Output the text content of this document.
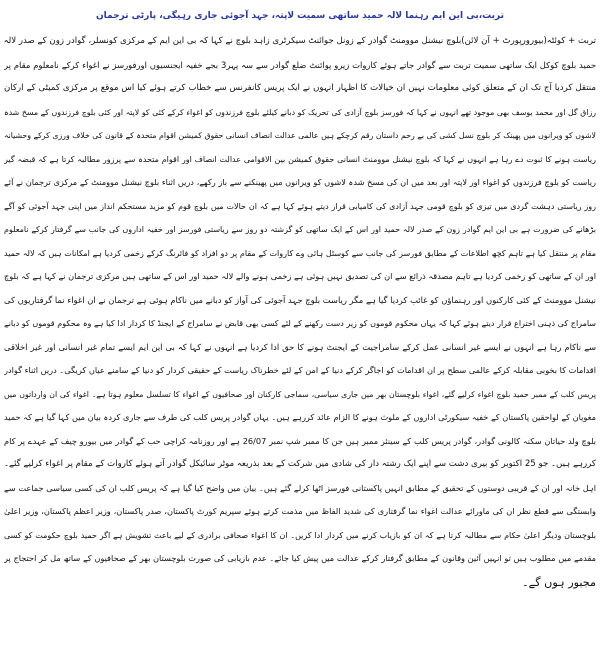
تربت،بی این ایم رہنما لالہ حمید ساتھی سمیت لاپتہ، جہد آجوئی جاری رہیگی، پارٹی ترجمان
تربت + کوئٹہ(بیورورپورٹ + آن لائن)بلوچ نیشنل موومنٹ گوادر کے زونل جوائنٹ سیکرٹری زاہد بلوچ نے کہا کہ بی این ایم کے مرکزی کونسلر، گوادر زون کے صدر لالہ
حمید بلوچ کوکل ایک ساتھی سمیت تربت سے گوادر جاتے ہوئے کاروات زیرو پوائنٹ ضلع گوادر سے سہ پہر3 بجے خفیہ ایجنسیوں اورفورسز نے اغواء کرکے نامعلوم مقام پر
منتقل کردیا آج تک ان کے متعلق کوئی معلومات نہیں ان خیالات کا اظہار انہوں نے ایک پریس کانفرنس سے خطاب کرتے ہوئے کیا اس موقع پر مرکزی کمیٹی کے ارکان
رزاق گل اور محمد یوسف بھی موجود تھے انہوں نے کہا کہ فورسز بلوچ آزادی کی تحریک کو دبانے کیلئے بلوچ فرزندوں کو اغواء کرکے کئی کو لاپتہ اور کئی بلوچ فرزندوں کے مسخ شدہ
لاشوں کو ویرانوں میں پھینک کر بلوچ نسل کشی کی بے رحم داستان رقم کرچکے ہیں عالمی عدالت انصاف انسانی حقوق کمیشن اقوام متحدہ کے قانون کی خلاف ورزی کرکے وحشیانہ
ریاست ہونے کا ثبوت دے رہا ہے انہوں نے کہا کہ بلوچ نیشنل موومنٹ انسانی حقوق کمیشن بین الاقوامی عدالت انصاف اور اقوام متحدہ سے پرزور مطالبہ کرتا ہے کہ قبضہ گیر
ریاست کو بلوچ فرزندوں کو اغواء اور لاپتہ اور بعد میں ان کی مسخ شدہ لاشوں کو ویرانوں میں پھینکنے سے باز رکھے، دریں اثناء بلوچ نیشنل موومنٹ کے مرکزی ترجمان نے آئے
روز ریاستی دہشت گردی میں تیزی کو بلوچ قومی جہد آزادی کی کامیابی قرار دیتے ہوئے کہا ہے کہ ان حالات میں بلوچ قوم کو مزید مستحکم انداز میں اپنی جہد آجوئی کو آگے
بڑھانے کی ضرورت ہے بی این ایم گوادر زون کے صدر لالہ حمید اور اس کے ایک ساتھی کو گزشتہ دو روز سے ریاستی فورسز اور خفیہ اداروں کی جانب سے گرفتار کرکے نامعلوم
مقام پر منتقل کیا ہے تاہم کچھ اطلاعات کے مطابق فورسز کی جانب سے کوسٹل ہائی وے کاروات کے مقام پر دو افراد کو فائرنگ کرکے زخمی کردیا ہے امکانات ہیں کہ لالہ حمید
اور ان کے ساتھی کو زخمی کردیا ہے تاہم مصدقہ ذرائع سے ان کی تصدیق نہیں ہوئی ہے زخمی ہونے والے لالہ حمید اور اس کے ساتھی ہیں مرکزی ترجمان نے کہا ہے کہ بلوچ
نیشنل موومنٹ کے کئی کارکنوں اور رہنماؤں کو غائب کردیا گیا ہے مگر ریاست بلوچ جہد آجوئی کی آواز کو دبانے میں ناکام ہوئی ہے ترجمان نے ان اغواء نما گرفتاریوں کی
سامراج کی ذہنی اختراع قرار دیتے ہوئے کہا کہ یہاں محکوم قوموں کو زیر دست رکھنے کے لئے کسی بھی قابض نے سامراج کے ایجنڈ کا کردار ادا کیا ہے وہ محکوم قوموں کو دبانے
سے ناکام رہا ہے انہوں نے ایسے غیر انسانی عمل کرکے سامراجیت کے ایجنٹ ہونے کا حق ادا کردیا ہے انہوں نے کہا کہ بی این ایم ایسے تمام غیر انسانی اور غیر اخلاقی
اقدامات کا بخوبی مقابلہ کرکے عالمی سطح پر ان اقدامات کو اجاگر کرکے دنیا کے امن کے لئے خطرناک ریاست کے حقیقی کردار کو دنیا کے سامنے عیاں کریگی۔ دریں اثناء گوادر
پریس کلب کے ممبر حمید بلوچ اغواء کرلیے گئے، اغواء بلوچستان بھر میں جاری سیاسی، سماجی کارکنان اور صحافیوں کے اغواء کا تسلسل معلوم ہوتا ہے۔ اغواء کی ان وارداتوں میں
مغویان کے لواحقین پاکستان کے خفیہ سیکورٹی اداروں کے ملوث ہونے کا الزام عائد کررہے ہیں۔ یہاں گوادر پریس کلب کی طرف سے جاری کردہ بیان میں کہا گیا ہے کہ حمید
بلوچ ولد حیاتان سکنہ کالونی گوادر، گوادر پریس کلب کے سینئر ممبر ہیں جن کا ممبر شپ نمبر 26/07 ہے اور روزنامہ کراچی حب کے گوادر میں بیورو چیف کے عہدے پر کام
کررہے ہیں۔ جو 25 اکتوبر کو بیری دشت سے اپنے ایک رشتہ دار کی شادی میں شرکت کے بعد بذریعہ موٹر سائیکل گوادر آتے ہوئے کاروات کے مقام پر اغواء کرلیے گئے۔
اہل خانہ اور ان کے قریبی دوستوں کے تحقیق کے مطابق انہیں پاکستانی فورسز اٹھا کرلے گئے ہیں۔ بیان میں واضح کیا گیا ہے کہ پریس کلب ان کی کسی سیاسی جماعت سے
وابستگی سے قطع نظر ان کی ماورائے عدالت اغواء نما گرفتاری کی شدید الفاظ میں مذمت کرتے ہوئے سپریم کورٹ پاکستان، صدر پاکستان، وزیر اعظم پاکستان، وزیر اعلیٰ
بلوچستان ودیگر اعلیٰ حکام سے مطالبہ کرتا ہے کہ ان کو بازیاب کرنے میں کردار ادا کریں۔ ان کا اغواء صحافی برادری کے لیے باعث تشویش ہے اگر حمید بلوچ حکومت کو کسی
مقدمے میں مطلوب ہیں تو انہیں آئین وقانون کے مطابق گرفتار کرکے عدالت میں پیش کیا جائے۔ عدم بازیابی کی صورت بلوچستان بھر کے صحافیوں کے ساتھ مل کر احتجاج پر
مجبور ہوں گے۔
